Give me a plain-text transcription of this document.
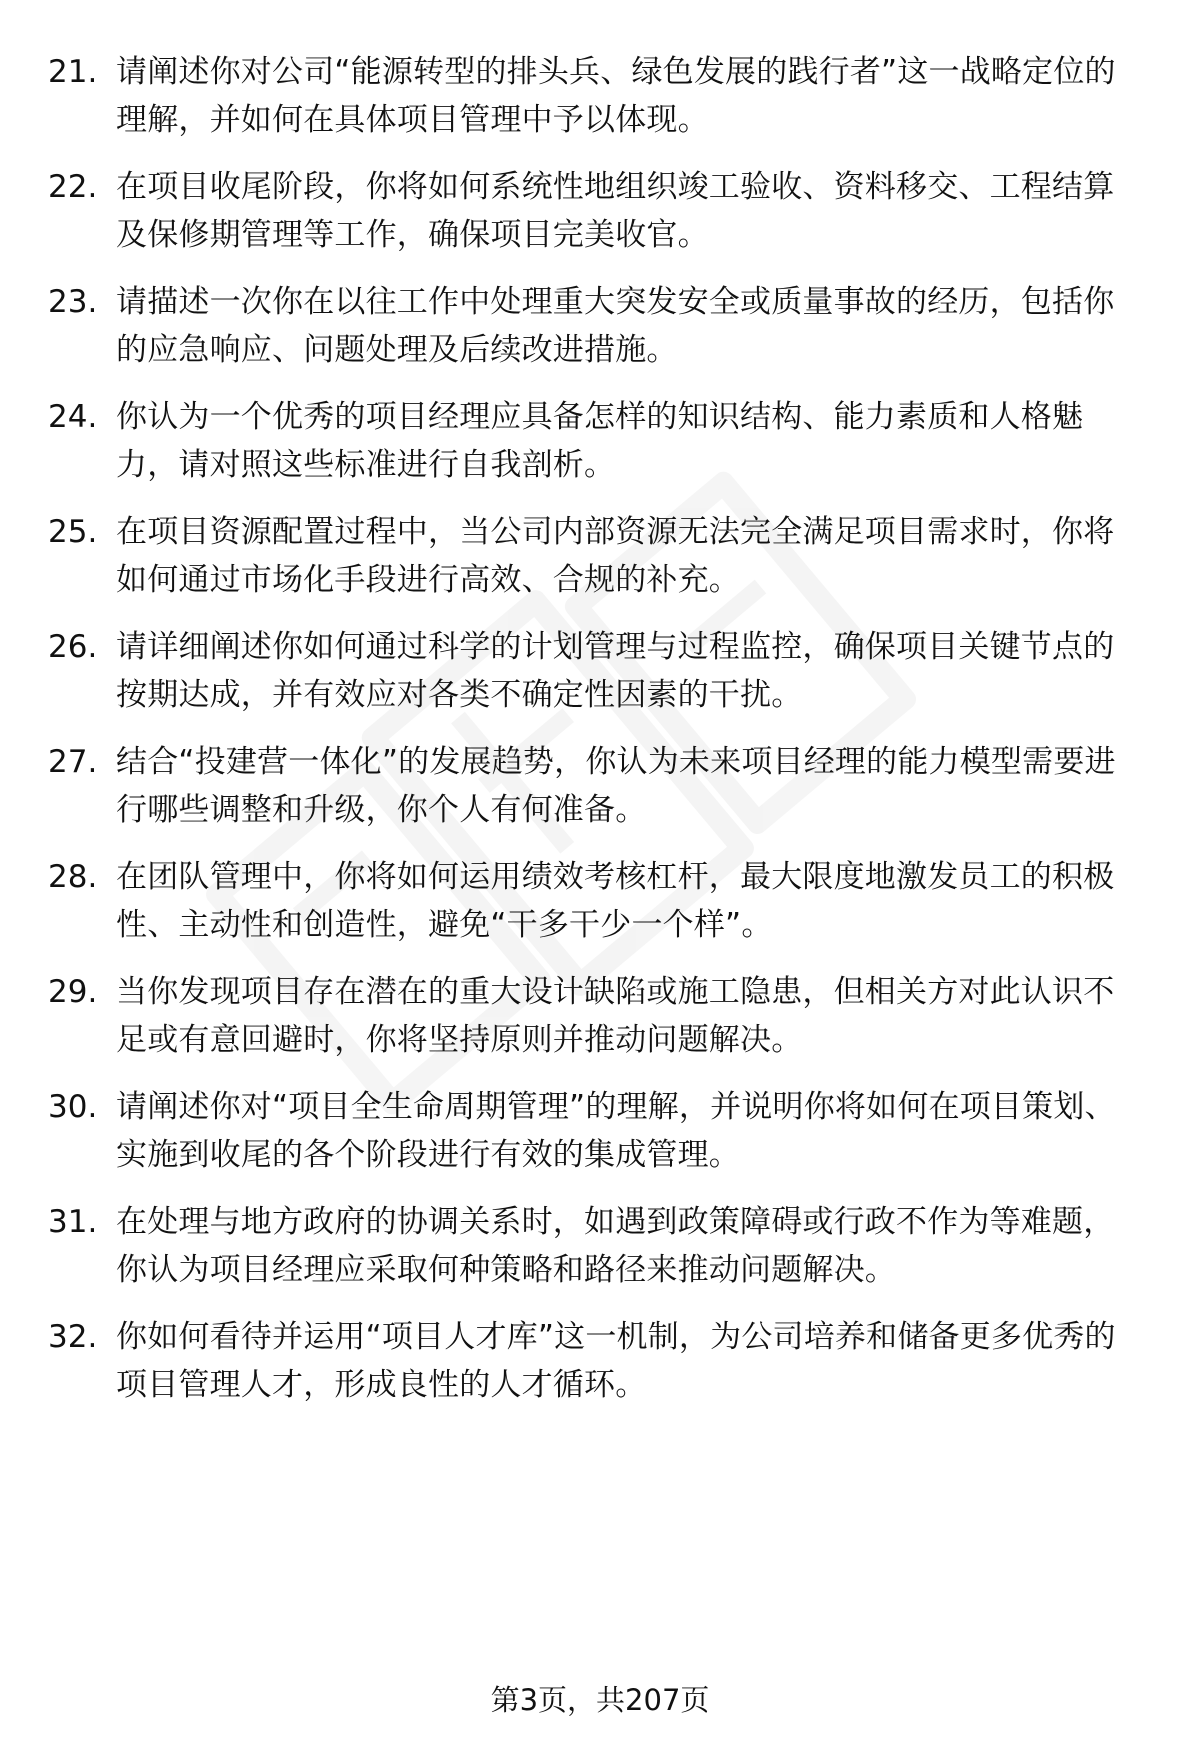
21. 请阐述你对公司“能源转型的排头兵、绿色发展的践行者”这一战略定位的理解，并如何在具体项目管理中予以体现。
22. 在项目收尾阶段，你将如何系统性地组织竣工验收、资料移交、工程结算及保修期管理等工作，确保项目完美收官。
23. 请描述一次你在以往工作中处理重大突发安全或质量事故的经历，包括你的应急响应、问题处理及后续改进措施。
24. 你认为一个优秀的项目经理应具备怎样的知识结构、能力素质和人格魅力，请对照这些标准进行自我剖析。
25. 在项目资源配置过程中，当公司内部资源无法完全满足项目需求时，你将如何通过市场化手段进行高效、合规的补充。
26. 请详细阐述你如何通过科学的计划管理与过程监控，确保项目关键节点的按期达成，并有效应对各类不确定性因素的干扰。
27. 结合“投建营一体化”的发展趋势，你认为未来项目经理的能力模型需要进行哪些调整和升级，你个人有何准备。
28. 在团队管理中，你将如何运用绩效考核杠杆，最大限度地激发员工的积极性、主动性和创造性，避免“干多干少一个样”。
29. 当你发现项目存在潜在的重大设计缺陷或施工隐患，但相关方对此认识不足或有意回避时，你将坚持原则并推动问题解决。
30. 请阐述你对“项目全生命周期管理”的理解，并说明你将如何在项目策划、实施到收尾的各个阶段进行有效的集成管理。
31. 在处理与地方政府的协调关系时，如遇到政策障碍或行政不作为等难题，你认为项目经理应采取何种策略和路径来推动问题解决。
32. 你如何看待并运用“项目人才库”这一机制，为公司培养和储备更多优秀的项目管理人才，形成良性的人才循环。
第3页，共207页
